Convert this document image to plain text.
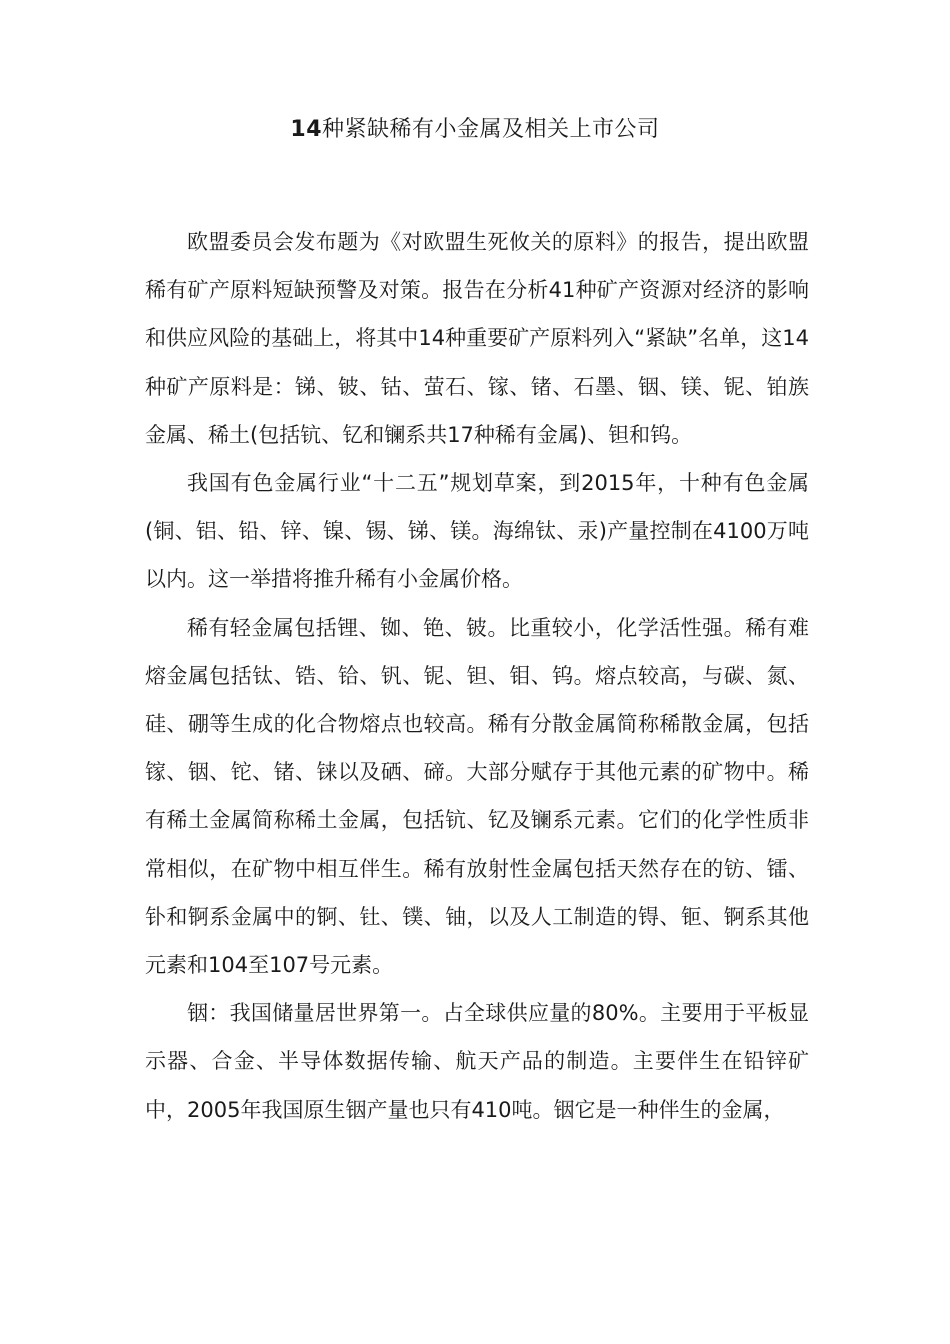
14种紧缺稀有小金属及相关上市公司

欧盟委员会发布题为《对欧盟生死攸关的原料》的报告，提出欧盟稀有矿产原料短缺预警及对策。报告在分析41种矿产资源对经济的影响和供应风险的基础上，将其中14种重要矿产原料列入“紧缺”名单，这14种矿产原料是：锑、铍、钴、萤石、镓、锗、石墨、铟、镁、铌、铂族金属、稀土(包括钪、钇和镧系共17种稀有金属)、钽和钨。

我国有色金属行业“十二五”规划草案，到2015年，十种有色金属(铜、铝、铅、锌、镍、锡、锑、镁。海绵钛、汞)产量控制在4100万吨以内。这一举措将推升稀有小金属价格。

稀有轻金属包括锂、铷、铯、铍。比重较小，化学活性强。稀有难熔金属包括钛、锆、铪、钒、铌、钽、钼、钨。熔点较高，与碳、氮、硅、硼等生成的化合物熔点也较高。稀有分散金属简称稀散金属，包括镓、铟、铊、锗、铼以及硒、碲。大部分赋存于其他元素的矿物中。稀有稀土金属简称稀土金属，包括钪、钇及镧系元素。它们的化学性质非常相似，在矿物中相互伴生。稀有放射性金属包括天然存在的钫、镭、钋和锕系金属中的锕、钍、镤、铀，以及人工制造的锝、钷、锕系其他元素和104至107号元素。

铟：我国储量居世界第一。占全球供应量的80%。主要用于平板显示器、合金、半导体数据传输、航天产品的制造。主要伴生在铅锌矿中，2005年我国原生铟产量也只有410吨。铟它是一种伴生的金属，
